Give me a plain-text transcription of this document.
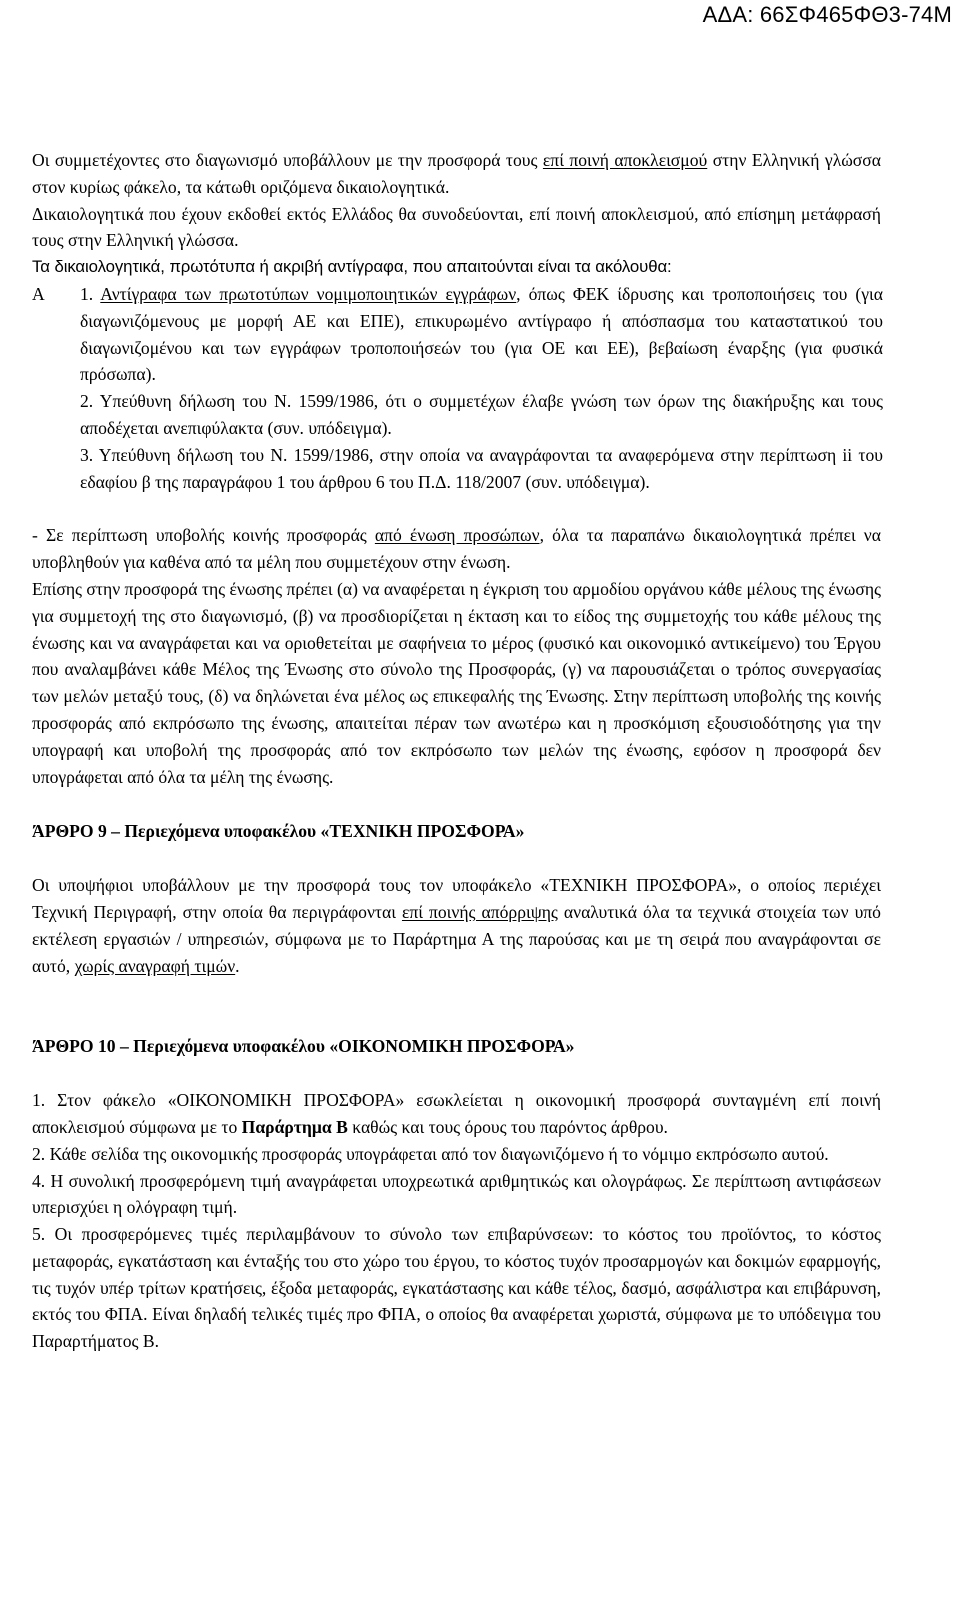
ΑΔΑ: 66ΣΦ465ΦΘ3-74Μ

Οι συμμετέχοντες στο διαγωνισμό υποβάλλουν με την προσφορά τους επί ποινή αποκλεισμού στην Ελληνική γλώσσα στον κυρίως φάκελο, τα κάτωθι οριζόμενα δικαιολογητικά.

Δικαιολογητικά που έχουν εκδοθεί εκτός Ελλάδος θα συνοδεύονται, επί ποινή αποκλεισμού, από επίσημη μετάφρασή τους στην Ελληνική γλώσσα.

Τα δικαιολογητικά, πρωτότυπα ή ακριβή αντίγραφα, που απαιτούνται είναι τα ακόλουθα:

Α 1. Αντίγραφα των πρωτοτύπων νομιμοποιητικών εγγράφων, όπως ΦΕΚ ίδρυσης και τροποποιήσεις του (για διαγωνιζόμενους με μορφή ΑΕ και ΕΠΕ), επικυρωμένο αντίγραφο ή απόσπασμα του καταστατικού του διαγωνιζομένου και των εγγράφων τροποποιήσεών του (για ΟΕ και ΕΕ), βεβαίωση έναρξης (για φυσικά πρόσωπα).
2. Υπεύθυνη δήλωση του Ν. 1599/1986, ότι ο συμμετέχων έλαβε γνώση των όρων της διακήρυξης και τους αποδέχεται ανεπιφύλακτα (συν. υπόδειγμα).
3. Υπεύθυνη δήλωση του Ν. 1599/1986, στην οποία να αναγράφονται τα αναφερόμενα στην περίπτωση ii του εδαφίου β της παραγράφου 1 του άρθρου 6 του Π.Δ. 118/2007 (συν. υπόδειγμα).

- Σε περίπτωση υποβολής κοινής προσφοράς από ένωση προσώπων, όλα τα παραπάνω δικαιολογητικά πρέπει να υποβληθούν για καθένα από τα μέλη που συμμετέχουν στην ένωση.

Επίσης στην προσφορά της ένωσης πρέπει (α) να αναφέρεται η έγκριση του αρμοδίου οργάνου κάθε μέλους της ένωσης για συμμετοχή της στο διαγωνισμό, (β) να προσδιορίζεται η έκταση και το είδος της συμμετοχής του κάθε μέλους της ένωσης και να αναγράφεται και να οριοθετείται με σαφήνεια το μέρος (φυσικό και οικονομικό αντικείμενο) του Έργου που αναλαμβάνει κάθε Μέλος της Ένωσης στο σύνολο της Προσφοράς, (γ) να παρουσιάζεται ο τρόπος συνεργασίας των μελών μεταξύ τους, (δ) να δηλώνεται ένα μέλος ως επικεφαλής της Ένωσης. Στην περίπτωση υποβολής της κοινής προσφοράς από εκπρόσωπο της ένωσης, απαιτείται πέραν των ανωτέρω και η προσκόμιση εξουσιοδότησης για την υπογραφή και υποβολή της προσφοράς από τον εκπρόσωπο των μελών της ένωσης, εφόσον η προσφορά δεν υπογράφεται από όλα τα μέλη της ένωσης.

ΆΡΘΡΟ 9 – Περιεχόμενα υποφακέλου «ΤΕΧΝΙΚΗ ΠΡΟΣΦΟΡΑ»

Οι υποψήφιοι υποβάλλουν με την προσφορά τους τον υποφάκελο «ΤΕΧΝΙΚΗ ΠΡΟΣΦΟΡΑ», ο οποίος περιέχει Τεχνική Περιγραφή, στην οποία θα περιγράφονται επί ποινής απόρριψης αναλυτικά όλα τα τεχνικά στοιχεία των υπό εκτέλεση εργασιών / υπηρεσιών, σύμφωνα με το Παράρτημα Α της παρούσας και με τη σειρά που αναγράφονται σε αυτό, χωρίς αναγραφή τιμών.

ΆΡΘΡΟ 10 – Περιεχόμενα υποφακέλου «ΟΙΚΟΝΟΜΙΚΗ ΠΡΟΣΦΟΡΑ»

1. Στον φάκελο «ΟΙΚΟΝΟΜΙΚΗ ΠΡΟΣΦΟΡΑ» εσωκλείεται η οικονομική προσφορά συνταγμένη επί ποινή αποκλεισμού σύμφωνα με το Παράρτημα Β καθώς και τους όρους του παρόντος άρθρου.

2. Κάθε σελίδα της οικονομικής προσφοράς υπογράφεται από τον διαγωνιζόμενο ή το νόμιμο εκπρόσωπο αυτού.

4. Η συνολική προσφερόμενη τιμή αναγράφεται υποχρεωτικά αριθμητικώς και ολογράφως. Σε περίπτωση αντιφάσεων υπερισχύει η ολόγραφη τιμή.

5. Οι προσφερόμενες τιμές περιλαμβάνουν το σύνολο των επιβαρύνσεων: το κόστος του προϊόντος, το κόστος μεταφοράς, εγκατάσταση και ένταξής του στο χώρο του έργου, το κόστος τυχόν προσαρμογών και δοκιμών εφαρμογής, τις τυχόν υπέρ τρίτων κρατήσεις, έξοδα μεταφοράς, εγκατάστασης και κάθε τέλος, δασμό, ασφάλιστρα και επιβάρυνση, εκτός του ΦΠΑ. Είναι δηλαδή τελικές τιμές προ ΦΠΑ, ο οποίος θα αναφέρεται χωριστά, σύμφωνα με το υπόδειγμα του Παραρτήματος Β.
